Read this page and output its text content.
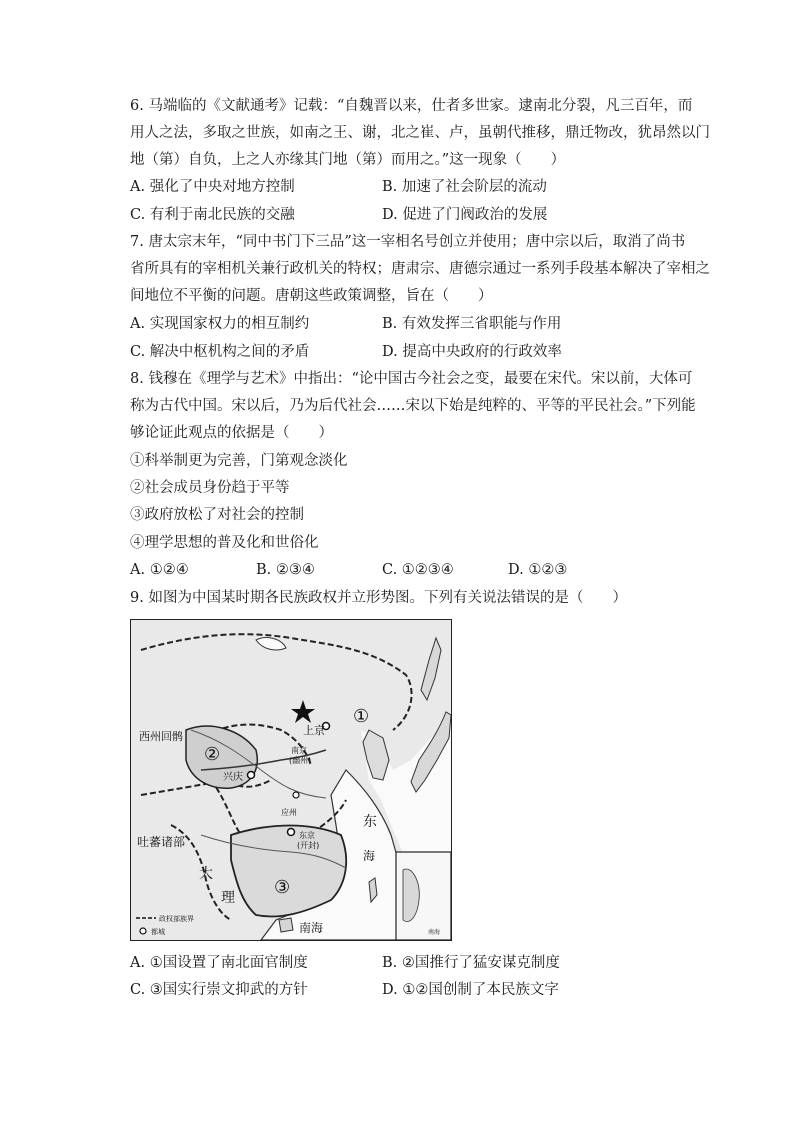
6. 马端临的《文献通考》记载：“自魏晋以来，仕者多世家。逮南北分裂，凡三百年，而
用人之法，多取之世族，如南之王、谢，北之崔、卢，虽朝代推移，鼎迁物改，犹昂然以门
地（第）自负，上之人亦缘其门地（第）而用之。”这一现象（　　）
A. 强化了中央对地方控制	B. 加速了社会阶层的流动
C. 有利于南北民族的交融	D. 促进了门阀政治的发展
7. 唐太宗末年，“同中书门下三品”这一宰相名号创立并使用；唐中宗以后，取消了尚书
省所具有的宰相机关兼行政机关的特权；唐肃宗、唐德宗通过一系列手段基本解决了宰相之
间地位不平衡的问题。唐朝这些政策调整，旨在（　　）
A. 实现国家权力的相互制约	B. 有效发挥三省职能与作用
C. 解决中枢机构之间的矛盾	D. 提高中央政府的行政效率
8. 钱穆在《理学与艺术》中指出：“论中国古今社会之变，最要在宋代。宋以前，大体可
称为古代中国。宋以后，乃为后代社会……宋以下始是纯粹的、平等的平民社会。”下列能
够论证此观点的依据是（　　）
①科举制更为完善，门第观念淡化
②社会成员身份趋于平等
③政府放松了对社会的控制
④理学思想的普及化和世俗化
A. ①②④	B. ②③④	C. ①②③④	D. ①②③
9. 如图为中国某时期各民族政权并立形势图。下列有关说法错误的是（　　）
西州回鹘
吐蕃诸部
大
理
上京
南京
(幽州)
兴庆
应州
东京
(开封)
东
海
南海
①
②
③
政权部族界
都城	南海
A. ①国设置了南北面官制度	B. ②国推行了猛安谋克制度
C. ③国实行崇文抑武的方针	D. ①②国创制了本民族文字
